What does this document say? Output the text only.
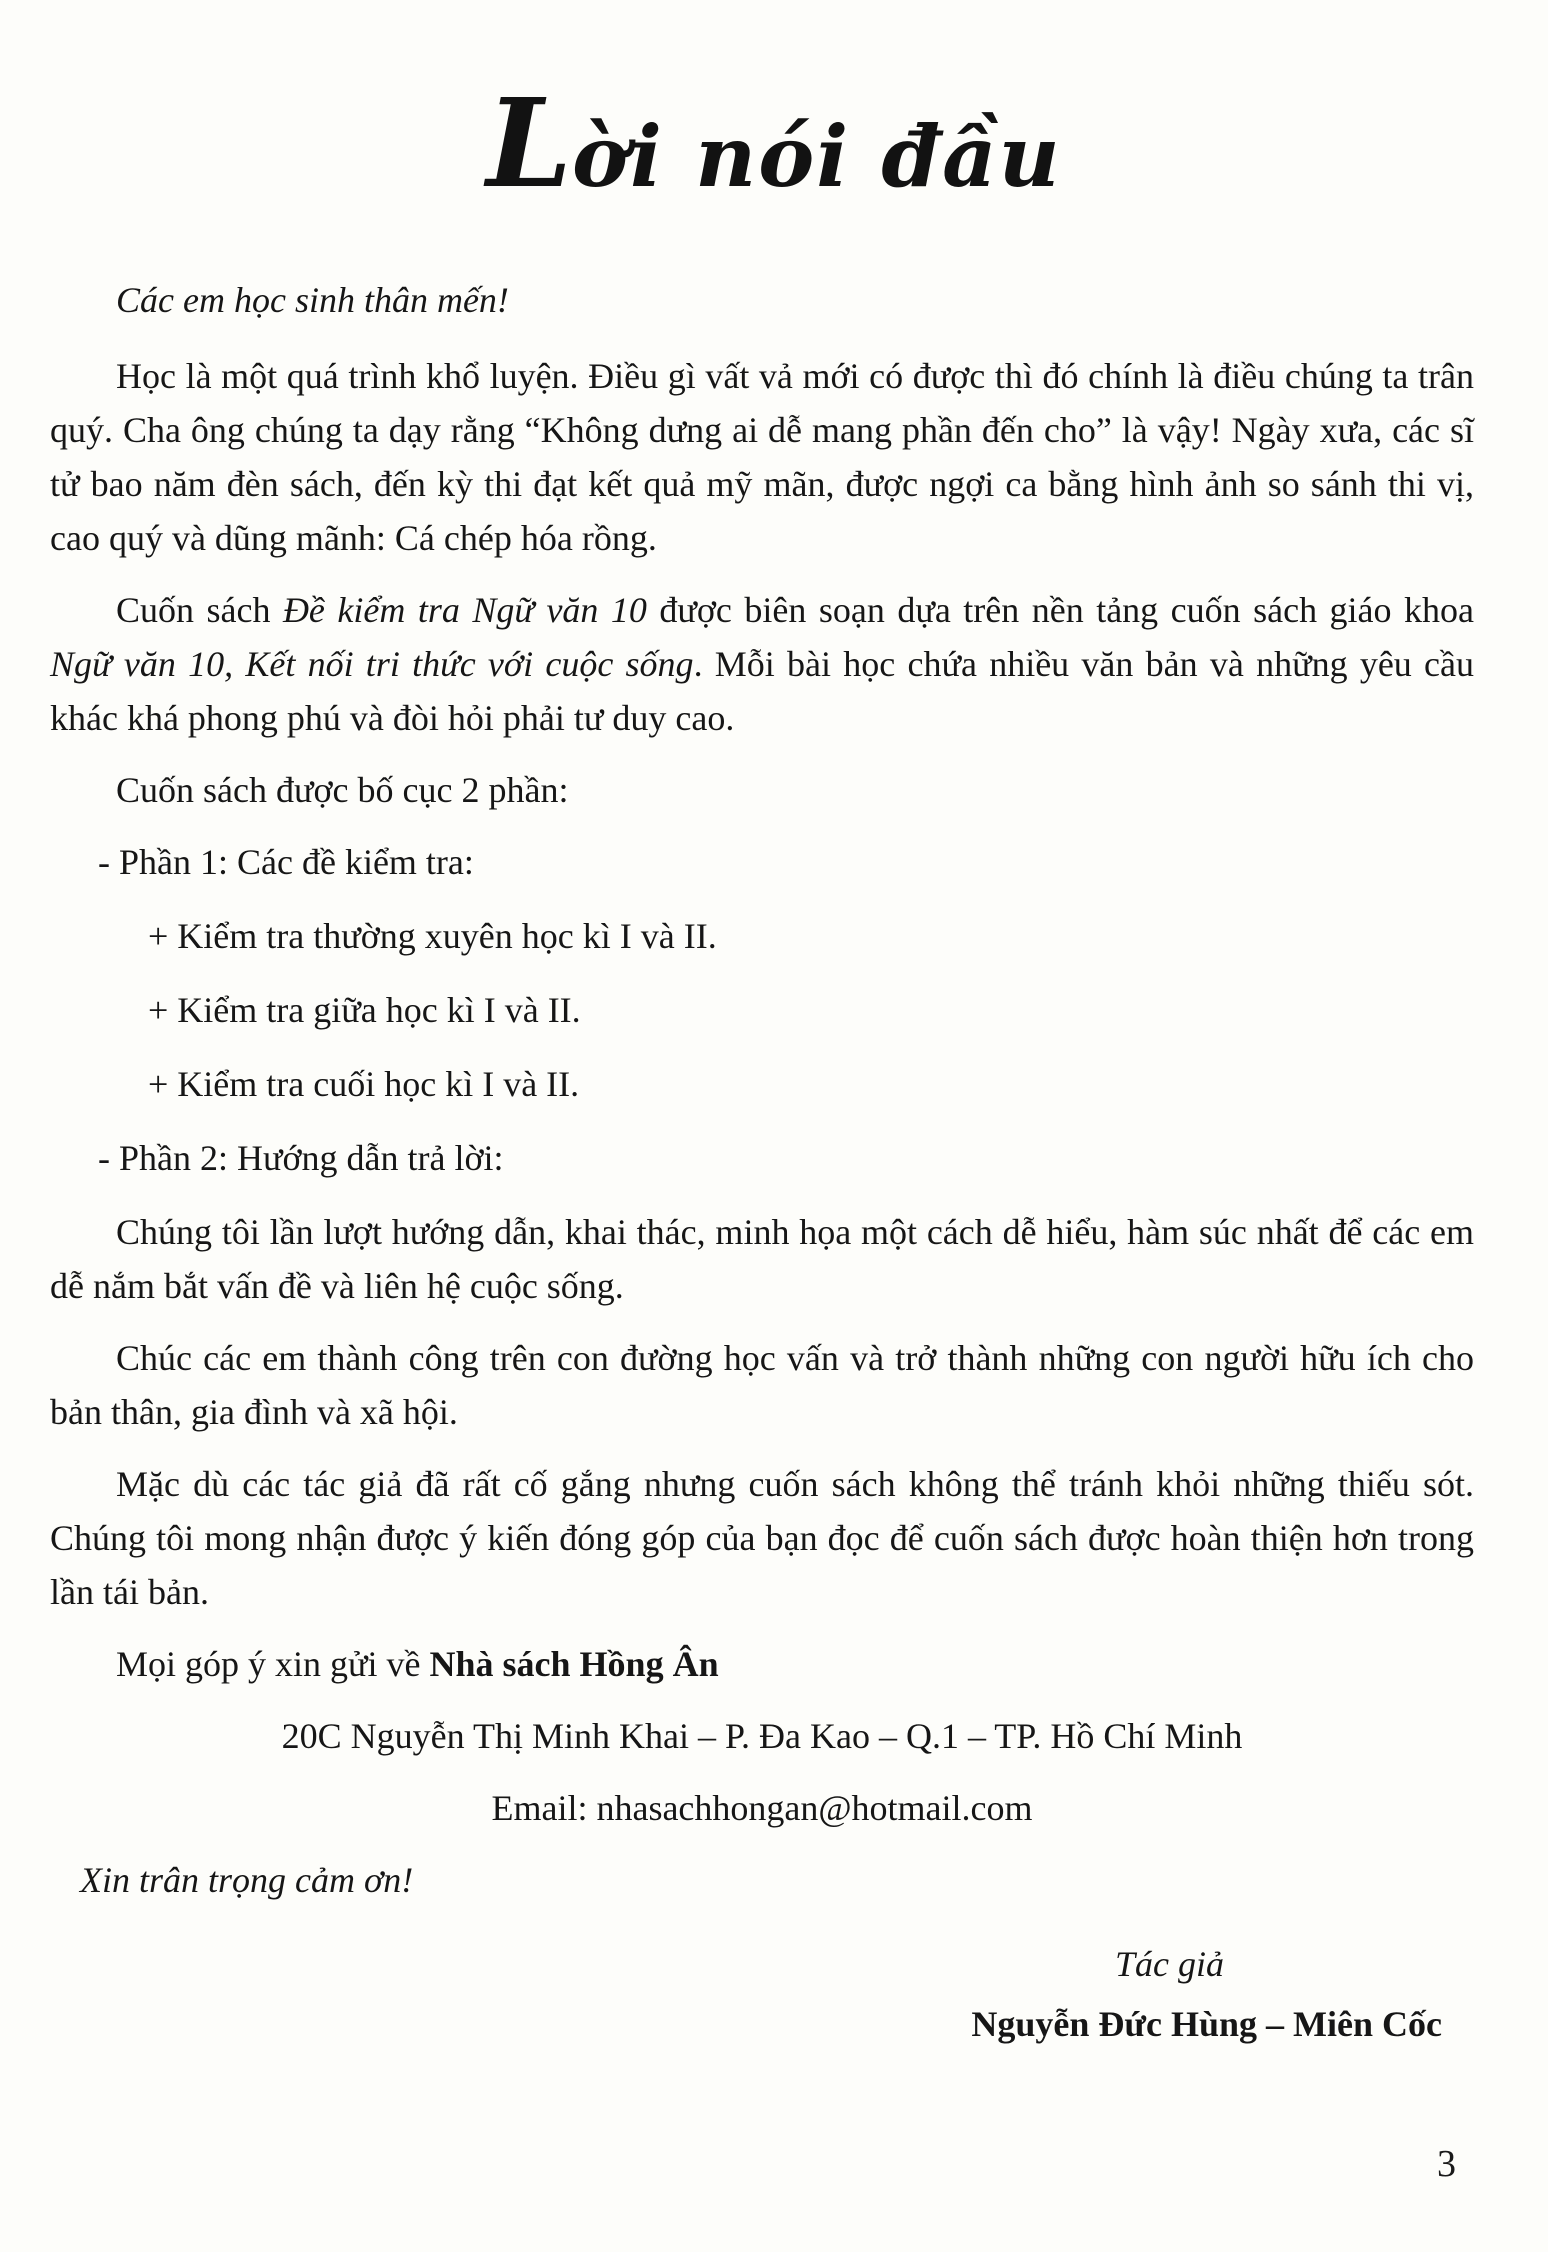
Lời nói đầu
Các em học sinh thân mến!
Học là một quá trình khổ luyện. Điều gì vất vả mới có được thì đó chính là điều chúng ta trân quý. Cha ông chúng ta dạy rằng “Không dưng ai dễ mang phần đến cho” là vậy! Ngày xưa, các sĩ tử bao năm đèn sách, đến kỳ thi đạt kết quả mỹ mãn, được ngợi ca bằng hình ảnh so sánh thi vị, cao quý và dũng mãnh: Cá chép hóa rồng.
Cuốn sách Đề kiểm tra Ngữ văn 10 được biên soạn dựa trên nền tảng cuốn sách giáo khoa Ngữ văn 10, Kết nối tri thức với cuộc sống. Mỗi bài học chứa nhiều văn bản và những yêu cầu khác khá phong phú và đòi hỏi phải tư duy cao.
Cuốn sách được bố cục 2 phần:
- Phần 1: Các đề kiểm tra:
+ Kiểm tra thường xuyên học kì I và II.
+ Kiểm tra giữa học kì I và II.
+ Kiểm tra cuối học kì I và II.
- Phần 2: Hướng dẫn trả lời:
Chúng tôi lần lượt hướng dẫn, khai thác, minh họa một cách dễ hiểu, hàm súc nhất để các em dễ nắm bắt vấn đề và liên hệ cuộc sống.
Chúc các em thành công trên con đường học vấn và trở thành những con người hữu ích cho bản thân, gia đình và xã hội.
Mặc dù các tác giả đã rất cố gắng nhưng cuốn sách không thể tránh khỏi những thiếu sót. Chúng tôi mong nhận được ý kiến đóng góp của bạn đọc để cuốn sách được hoàn thiện hơn trong lần tái bản.
Mọi góp ý xin gửi về Nhà sách Hồng Ân
20C Nguyễn Thị Minh Khai – P. Đa Kao – Q.1 – TP. Hồ Chí Minh
Email: nhasachhongan@hotmail.com
Xin trân trọng cảm ơn!
Tác giả
Nguyễn Đức Hùng – Miên Cốc
3
